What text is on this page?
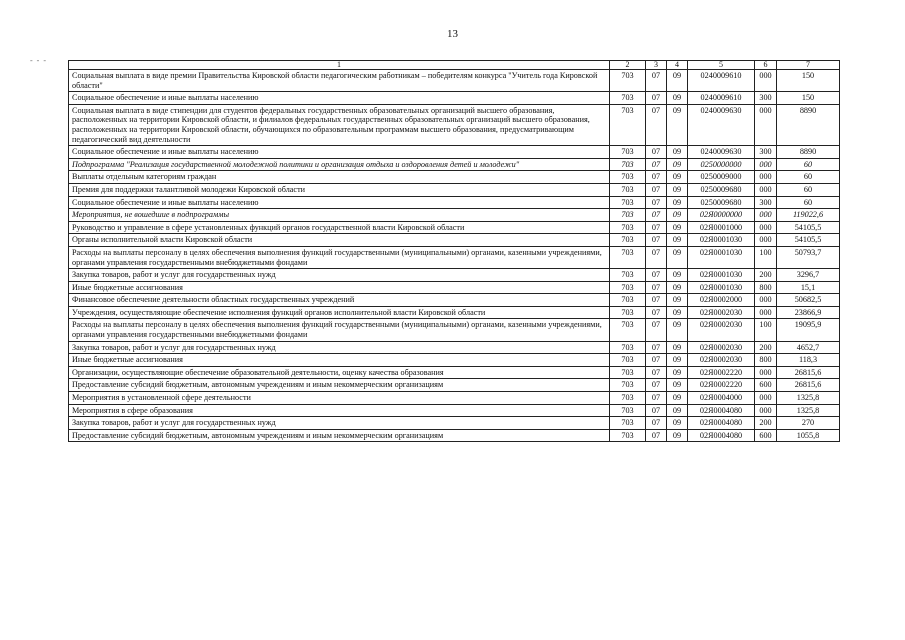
13
- - -	1	2	3	4	5	6	7
Социальная выплата в виде премии Правительства Кировской области педагогическим работникам – победителям конкурса "Учитель года Кировской области"	703	07	09	0240009610	000	150
Социальное обеспечение и иные выплаты населению	703	07	09	0240009610	300	150
Социальная выплата в виде стипендии для студентов федеральных государственных образовательных организаций высшего образования, расположенных на территории Кировской области, и филиалов федеральных государственных образовательных организаций высшего образования, расположенных на территории Кировской области, обучающихся по образовательным программам высшего образования, предусматривающим педагогический вид деятельности	703	07	09	0240009630	000	8890
Социальное обеспечение и иные выплаты населению	703	07	09	0240009630	300	8890
Подпрограмма "Реализация государственной молодежной политики и организация отдыха и оздоровления детей и молодежи"	703	07	09	0250000000	000	60
Выплаты отдельным категориям граждан	703	07	09	0250009000	000	60
Премия для поддержки талантливой молодежи Кировской области	703	07	09	0250009680	000	60
Социальное обеспечение и иные выплаты населению	703	07	09	0250009680	300	60
Мероприятия, не вошедшие в подпрограммы	703	07	09	02Я0000000	000	119022,6
Руководство и управление в сфере установленных функций органов государственной власти Кировской области	703	07	09	02Я0001000	000	54105,5
Органы исполнительной власти Кировской области	703	07	09	02Я0001030	000	54105,5
Расходы на выплаты персоналу в целях обеспечения выполнения функций государственными (муниципальными) органами, казенными учреждениями, органами управления государственными внебюджетными фондами	703	07	09	02Я0001030	100	50793,7
Закупка товаров, работ и услуг для государственных нужд	703	07	09	02Я0001030	200	3296,7
Иные бюджетные ассигнования	703	07	09	02Я0001030	800	15,1
Финансовое обеспечение деятельности областных государственных учреждений	703	07	09	02Я0002000	000	50682,5
Учреждения, осуществляющие обеспечение исполнения функций органов исполнительной власти Кировской области	703	07	09	02Я0002030	000	23866,9
Расходы на выплаты персоналу в целях обеспечения выполнения функций государственными (муниципальными) органами, казенными учреждениями, органами управления государственными внебюджетными фондами	703	07	09	02Я0002030	100	19095,9
Закупка товаров, работ и услуг для государственных нужд	703	07	09	02Я0002030	200	4652,7
Иные бюджетные ассигнования	703	07	09	02Я0002030	800	118,3
Организации, осуществляющие обеспечение образовательной деятельности, оценку качества образования	703	07	09	02Я0002220	000	26815,6
Предоставление субсидий бюджетным, автономным учреждениям и иным некоммерческим организациям	703	07	09	02Я0002220	600	26815,6
Мероприятия в установленной сфере деятельности	703	07	09	02Я0004000	000	1325,8
Мероприятия в сфере образования	703	07	09	02Я0004080	000	1325,8
Закупка товаров, работ и услуг для государственных нужд	703	07	09	02Я0004080	200	270
Предоставление субсидий бюджетным, автономным учреждениям и иным некоммерческим организациям	703	07	09	02Я0004080	600	1055,8
